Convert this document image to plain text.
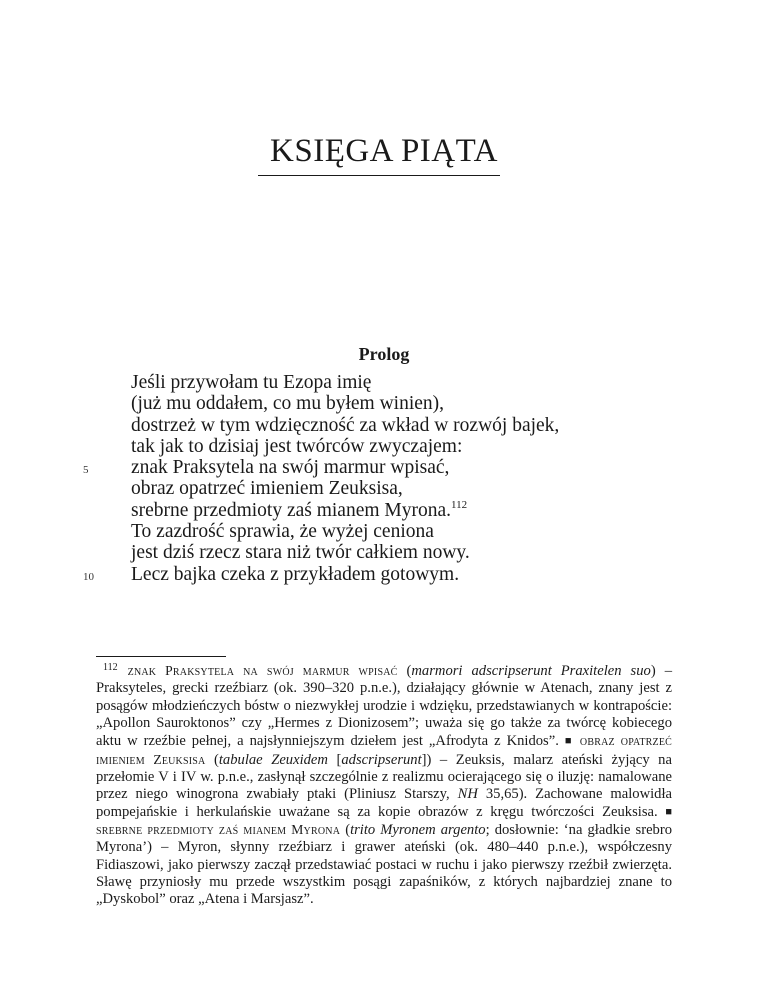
KSIĘGA PIĄTA
Prolog
Jeśli przywołam tu Ezopa imię
(już mu oddałem, co mu byłem winien),
dostrzeż w tym wdzięczność za wkład w rozwój bajek,
tak jak to dzisiaj jest twórców zwyczajem:
5	znak Praksytela na swój marmur wpisać,
obraz opatrzeć imieniem Zeuksisa,
srebrne przedmioty zaś mianem Myrona.$^{112}$
To zazdrość sprawia, że wyżej ceniona
jest dziś rzecz stara niż twór całkiem nowy.
10	Lecz bajka czeka z przykładem gotowym.
$^{112}$ znak Praksytela na swój marmur wpisać (marmori adscripserunt Praxitelen suo) – Praksyteles, grecki rzeźbiarz (ok. 390–320 p.n.e.), działający głównie w Atenach, znany jest z posągów młodzieńczych bóstw o niezwykłej urodzie i wdzięku, przedstawianych w kontrapoście: „Apollon Sauroktonos” czy „Hermes z Dionizosem”; uważa się go także za twórcę kobiecego aktu w rzeźbie pełnej, a najsłynniejszym dziełem jest „Afrodyta z Knidos”. ■ obraz opatrzeć imieniem Zeuksisa (tabulae Zeuxidem [adscripserunt]) – Zeuksis, malarz ateński żyjący na przełomie V i IV w. p.n.e., zasłynął szczególnie z realizmu ocierającego się o iluzję: namalowane przez niego winogrona zwabiały ptaki (Pliniusz Starszy, NH 35,65). Zachowane malowidła pompejańskie i herkulańskie uważane są za kopie obrazów z kręgu twórczości Zeuksisa. ■ srebrne przedmioty zaś mianem Myrona (trito Myronem argento; dosłownie: ‘na gładkie srebro Myrona’) – Myron, słynny rzeźbiarz i grawer ateński (ok. 480–440 p.n.e.), współczesny Fidiaszowi, jako pierwszy zaczął przedstawiać postaci w ruchu i jako pierwszy rzeźbił zwierzęta. Sławę przyniosły mu przede wszystkim posągi zapaśników, z których najbardziej znane to „Dyskobol” oraz „Atena i Marsjasz”.
